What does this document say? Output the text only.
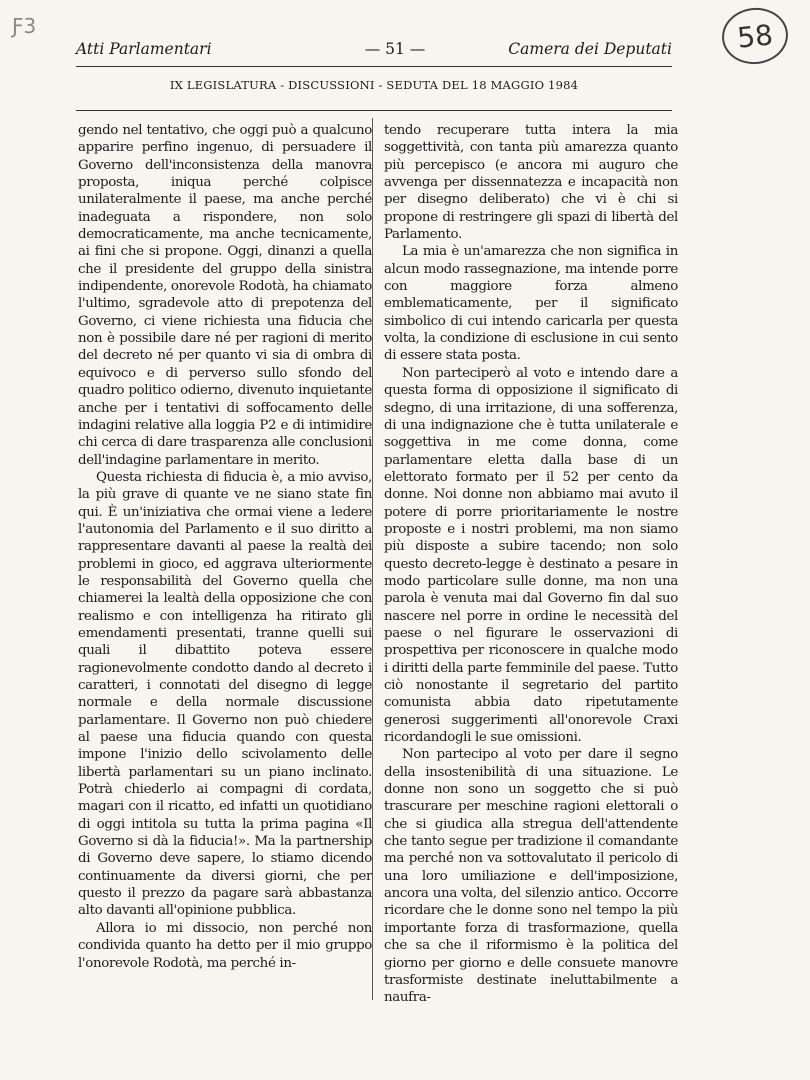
Ƒ3	58
Atti Parlamentari	— 51 —	Camera dei Deputati
IX LEGISLATURA - DISCUSSIONI - SEDUTA DEL 18 MAGGIO 1984

gendo nel tentativo, che oggi può a qualcuno apparire perfino ingenuo, di persuadere il Governo dell'inconsistenza della manovra proposta, iniqua perché colpisce unilateralmente il paese, ma anche perché inadeguata a rispondere, non solo democraticamente, ma anche tecnicamente, ai fini che si propone. Oggi, dinanzi a quella che il presidente del gruppo della sinistra indipendente, onorevole Rodotà, ha chiamato l'ultimo, sgradevole atto di prepotenza del Governo, ci viene richiesta una fiducia che non è possibile dare né per ragioni di merito del decreto né per quanto vi sia di ombra di equivoco e di perverso sullo sfondo del quadro politico odierno, divenuto inquietante anche per i tentativi di soffocamento delle indagini relative alla loggia P2 e di intimidire chi cerca di dare trasparenza alle conclusioni dell'indagine parlamentare in merito.

Questa richiesta di fiducia è, a mio avviso, la più grave di quante ve ne siano state fin qui. È un'iniziativa che ormai viene a ledere l'autonomia del Parlamento e il suo diritto a rappresentare davanti al paese la realtà dei problemi in gioco, ed aggrava ulteriormente le responsabilità del Governo quella che chiamerei la lealtà della opposizione che con realismo e con intelligenza ha ritirato gli emendamenti presentati, tranne quelli sui quali il dibattito poteva essere ragionevolmente condotto dando al decreto i caratteri, i connotati del disegno di legge normale e della normale discussione parlamentare. Il Governo non può chiedere al paese una fiducia quando con questa impone l'inizio dello scivolamento delle libertà parlamentari su un piano inclinato. Potrà chiederlo ai compagni di cordata, magari con il ricatto, ed infatti un quotidiano di oggi intitola su tutta la prima pagina «Il Governo si dà la fiducia!». Ma la partnership di Governo deve sapere, lo stiamo dicendo continuamente da diversi giorni, che per questo il prezzo da pagare sarà abbastanza alto davanti all'opinione pubblica.

Allora io mi dissocio, non perché non condivida quanto ha detto per il mio gruppo l'onorevole Rodotà, ma perché in-

tendo recuperare tutta intera la mia soggettività, con tanta più amarezza quanto più percepisco (e ancora mi auguro che avvenga per dissennatezza e incapacità non per disegno deliberato) che vi è chi si propone di restringere gli spazi di libertà del Parlamento.

La mia è un'amarezza che non significa in alcun modo rassegnazione, ma intende porre con maggiore forza almeno emblematicamente, per il significato simbolico di cui intendo caricarla per questa volta, la condizione di esclusione in cui sento di essere stata posta.

Non parteciperò al voto e intendo dare a questa forma di opposizione il significato di sdegno, di una irritazione, di una sofferenza, di una indignazione che è tutta unilaterale e soggettiva in me come donna, come parlamentare eletta dalla base di un elettorato formato per il 52 per cento da donne. Noi donne non abbiamo mai avuto il potere di porre prioritariamente le nostre proposte e i nostri problemi, ma non siamo più disposte a subire tacendo; non solo questo decreto-legge è destinato a pesare in modo particolare sulle donne, ma non una parola è venuta mai dal Governo fin dal suo nascere nel porre in ordine le necessità del paese o nel figurare le osservazioni di prospettiva per riconoscere in qualche modo i diritti della parte femminile del paese. Tutto ciò nonostante il segretario del partito comunista abbia dato ripetutamente generosi suggerimenti all'onorevole Craxi ricordandogli le sue omissioni.

Non partecipo al voto per dare il segno della insostenibilità di una situazione. Le donne non sono un soggetto che si può trascurare per meschine ragioni elettorali o che si giudica alla stregua dell'attendente che tanto segue per tradizione il comandante ma perché non va sottovalutato il pericolo di una loro umiliazione e dell'imposizione, ancora una volta, del silenzio antico. Occorre ricordare che le donne sono nel tempo la più importante forza di trasformazione, quella che sa che il riformismo è la politica del giorno per giorno e delle consuete manovre trasformiste destinate ineluttabilmente a naufra-
